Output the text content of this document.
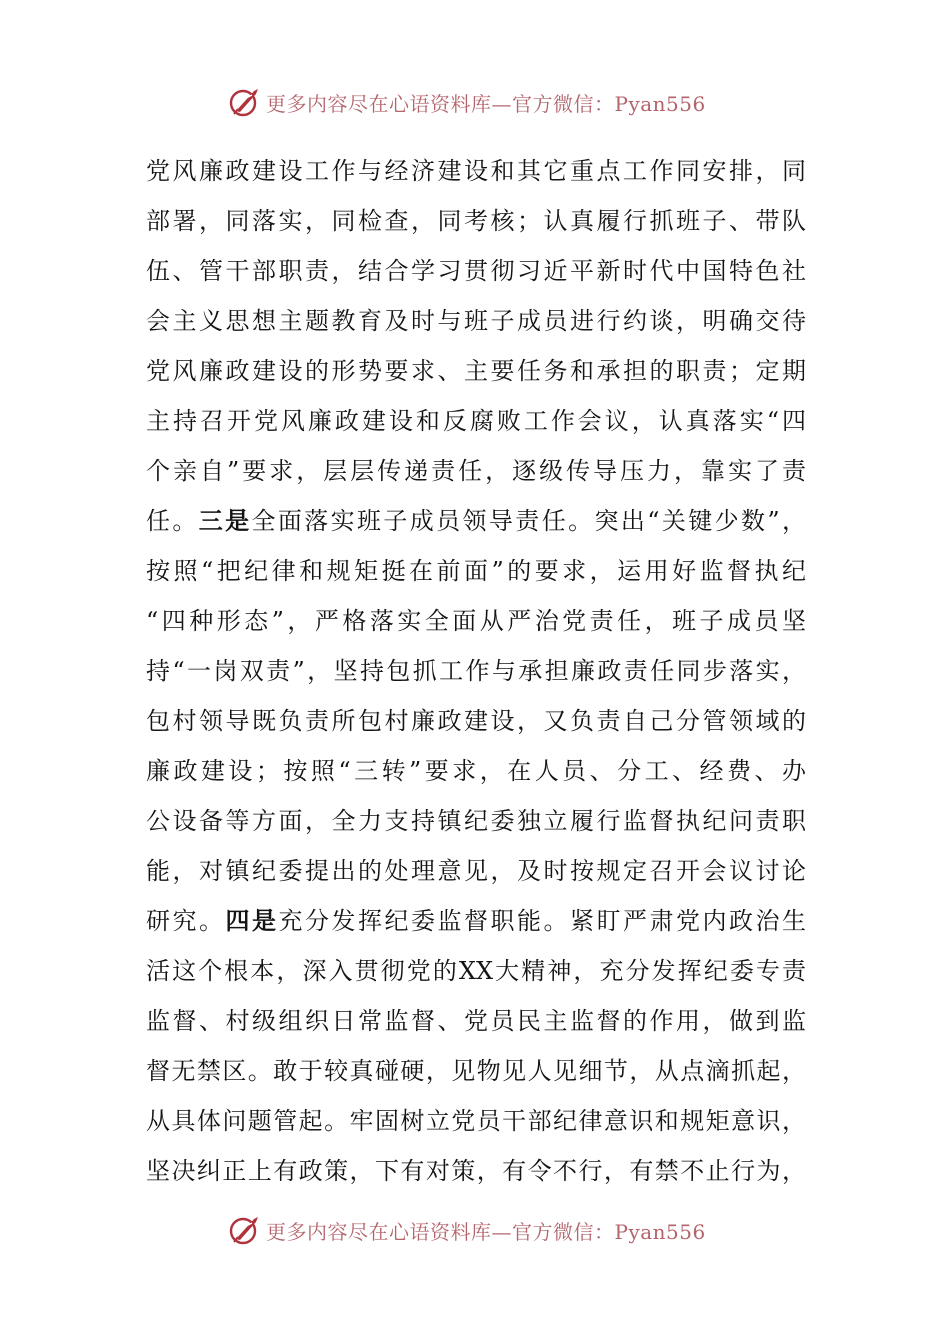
更多内容尽在心语资料库—官方微信：Pyan556
党风廉政建设工作与经济建设和其它重点工作同安排，同
部署，同落实，同检查，同考核；认真履行抓班子、带队
伍、管干部职责，结合学习贯彻习近平新时代中国特色社
会主义思想主题教育及时与班子成员进行约谈，明确交待
党风廉政建设的形势要求、主要任务和承担的职责；定期
主持召开党风廉政建设和反腐败工作会议，认真落实“四
个亲自”要求，层层传递责任，逐级传导压力，靠实了责
任。三是全面落实班子成员领导责任。突出“关键少数”，
按照“把纪律和规矩挺在前面”的要求，运用好监督执纪
“四种形态”，严格落实全面从严治党责任，班子成员坚
持“一岗双责”，坚持包抓工作与承担廉政责任同步落实，
包村领导既负责所包村廉政建设，又负责自己分管领域的
廉政建设；按照“三转”要求，在人员、分工、经费、办
公设备等方面，全力支持镇纪委独立履行监督执纪问责职
能，对镇纪委提出的处理意见，及时按规定召开会议讨论
研究。四是充分发挥纪委监督职能。紧盯严肃党内政治生
活这个根本，深入贯彻党的XX大精神，充分发挥纪委专责
监督、村级组织日常监督、党员民主监督的作用，做到监
督无禁区。敢于较真碰硬，见物见人见细节，从点滴抓起，
从具体问题管起。牢固树立党员干部纪律意识和规矩意识，
坚决纠正上有政策，下有对策，有令不行，有禁不止行为，
更多内容尽在心语资料库—官方微信：Pyan556
